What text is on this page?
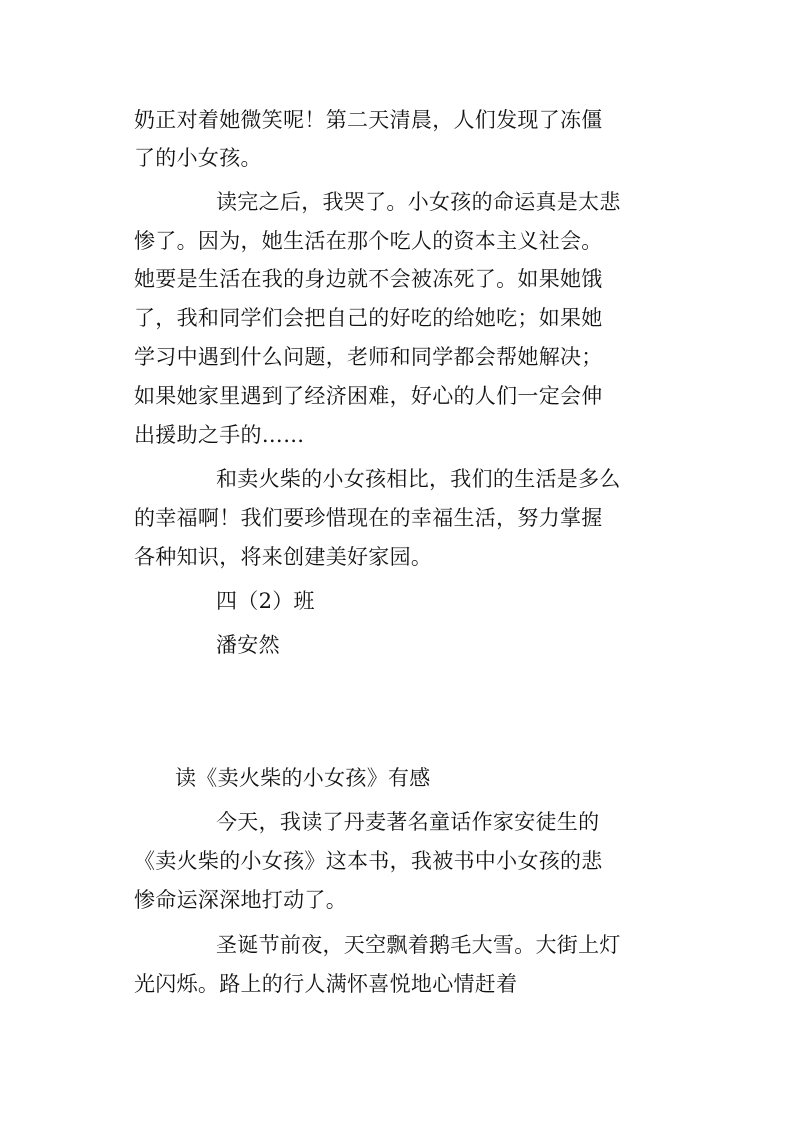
奶正对着她微笑呢！第二天清晨，人们发现了冻僵
了的小女孩。
读完之后，我哭了。小女孩的命运真是太悲
惨了。因为，她生活在那个吃人的资本主义社会。
她要是生活在我的身边就不会被冻死了。如果她饿
了，我和同学们会把自己的好吃的给她吃；如果她
学习中遇到什么问题，老师和同学都会帮她解决；
如果她家里遇到了经济困难，好心的人们一定会伸
出援助之手的……
和卖火柴的小女孩相比，我们的生活是多么
的幸福啊！我们要珍惜现在的幸福生活，努力掌握
各种知识，将来创建美好家园。
四（2）班
潘安然
读《卖火柴的小女孩》有感
今天，我读了丹麦著名童话作家安徒生的
《卖火柴的小女孩》这本书，我被书中小女孩的悲
惨命运深深地打动了。
圣诞节前夜，天空飘着鹅毛大雪。大街上灯
光闪烁。路上的行人满怀喜悦地心情赶着
